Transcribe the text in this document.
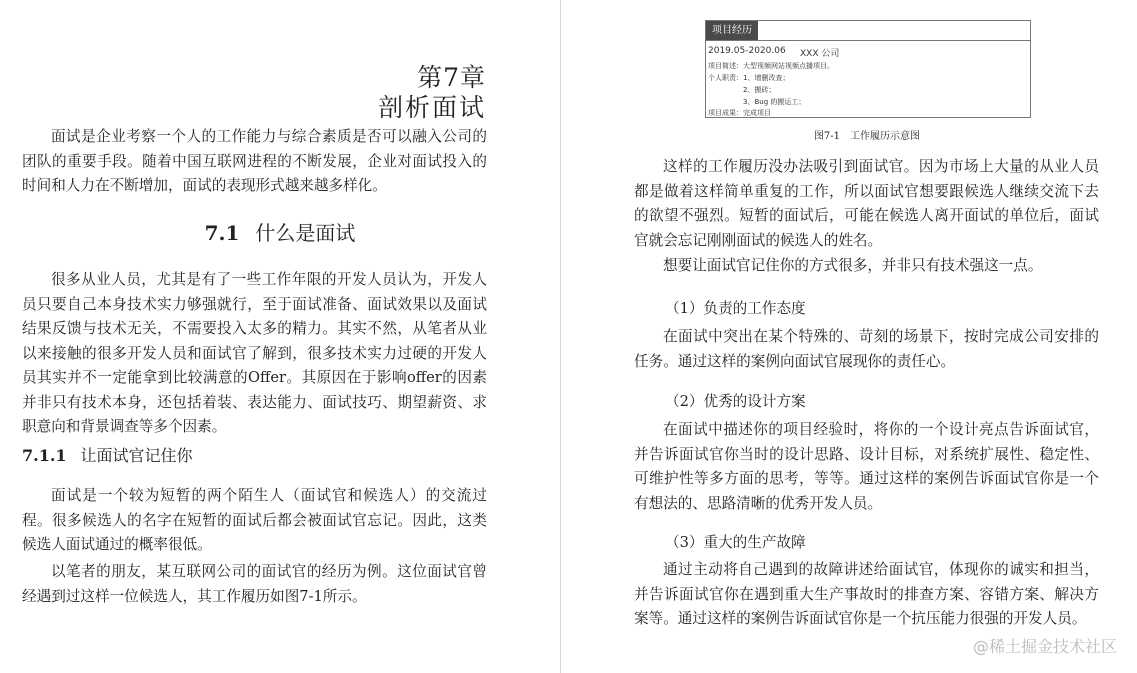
第7章
剖析面试

面试是企业考察一个人的工作能力与综合素质是否可以融入公司的团队的重要手段。随着中国互联网进程的不断发展，企业对面试投入的时间和人力在不断增加，面试的表现形式越来越多样化。

7.1 什么是面试

很多从业人员，尤其是有了一些工作年限的开发人员认为，开发人员只要自己本身技术实力够强就行，至于面试准备、面试效果以及面试结果反馈与技术无关，不需要投入太多的精力。其实不然，从笔者从业以来接触的很多开发人员和面试官了解到，很多技术实力过硬的开发人员其实并不一定能拿到比较满意的Offer。其原因在于影响offer的因素并非只有技术本身，还包括着装、表达能力、面试技巧、期望薪资、求职意向和背景调查等多个因素。

7.1.1 让面试官记住你

面试是一个较为短暂的两个陌生人（面试官和候选人）的交流过程。很多候选人的名字在短暂的面试后都会被面试官忘记。因此，这类候选人面试通过的概率很低。

以笔者的朋友，某互联网公司的面试官的经历为例。这位面试官曾经遇到过这样一位候选人，其工作履历如图7-1所示。

项目经历
2019.05-2020.06 XXX 公司
项目简述：大型视频网站视频点播项目。
个人职责：1、增删改查；
2、搬砖；
3、Bug 的搬运工；
项目成果：完成项目
图7-1　工作履历示意图

这样的工作履历没办法吸引到面试官。因为市场上大量的从业人员都是做着这样简单重复的工作，所以面试官想要跟候选人继续交流下去的欲望不强烈。短暂的面试后，可能在候选人离开面试的单位后，面试官就会忘记刚刚面试的候选人的姓名。

想要让面试官记住你的方式很多，并非只有技术强这一点。

（1）负责的工作态度

在面试中突出在某个特殊的、苛刻的场景下，按时完成公司安排的任务。通过这样的案例向面试官展现你的责任心。

（2）优秀的设计方案

在面试中描述你的项目经验时，将你的一个设计亮点告诉面试官，并告诉面试官你当时的设计思路、设计目标，对系统扩展性、稳定性、可维护性等多方面的思考，等等。通过这样的案例告诉面试官你是一个有想法的、思路清晰的优秀开发人员。

（3）重大的生产故障

通过主动将自己遇到的故障讲述给面试官，体现你的诚实和担当，并告诉面试官你在遇到重大生产事故时的排查方案、容错方案、解决方案等。通过这样的案例告诉面试官你是一个抗压能力很强的开发人员。

@稀土掘金技术社区
